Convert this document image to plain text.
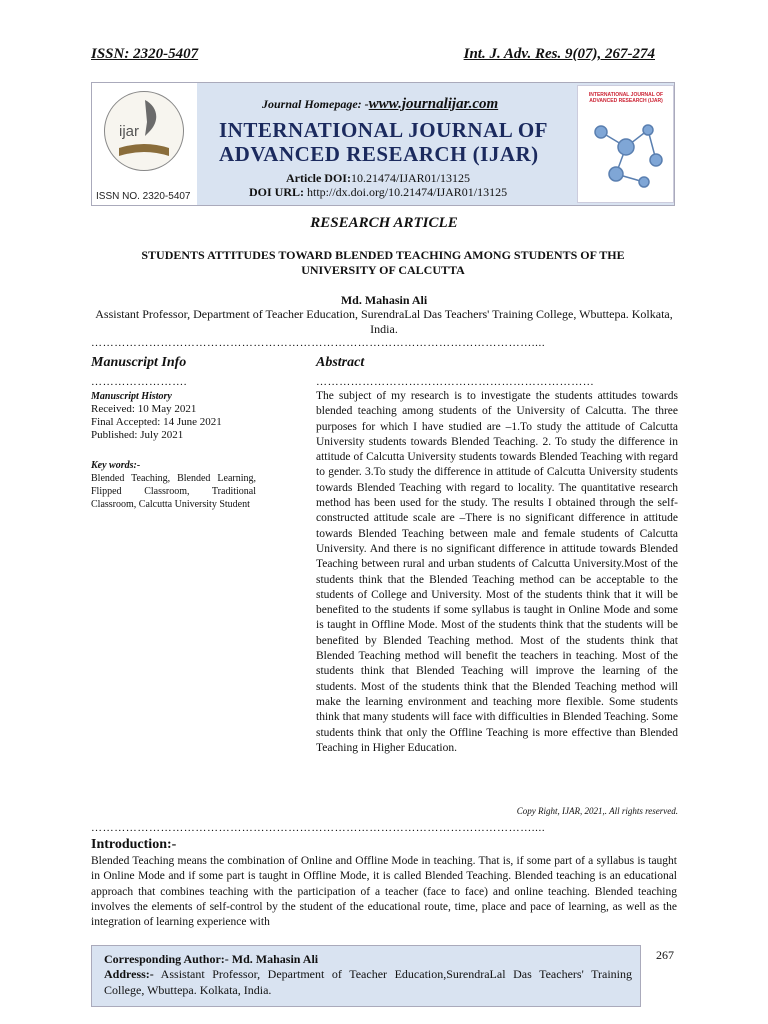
ISSN: 2320-5407	Int. J. Adv. Res. 9(07), 267-274
ijar
ISSN NO. 2320-5407
Journal Homepage: -www.journalijar.com
INTERNATIONAL JOURNAL OF ADVANCED RESEARCH (IJAR)
Article DOI:10.21474/IJAR01/13125
DOI URL: http://dx.doi.org/10.21474/IJAR01/13125
INTERNATIONAL JOURNAL OF ADVANCED RESEARCH (IJAR)
RESEARCH ARTICLE
STUDENTS ATTITUDES TOWARD BLENDED TEACHING AMONG STUDENTS OF THE UNIVERSITY OF CALCUTTA
Md. Mahasin Ali
Assistant Professor, Department of Teacher Education, SurendraLal Das Teachers' Training College, Wbuttepa. Kolkata, India.
……………………………………………………………………………………………………....
Manuscript Info	Abstract
…………………….	………………………………………………………………
Manuscript History
Received: 10 May 2021
Final Accepted: 14 June 2021
Published: July 2021
Key words:-
Blended Teaching, Blended Learning, Flipped Classroom, Traditional Classroom, Calcutta University Student
The subject of my research is to investigate the students attitudes towards blended teaching among students of the University of Calcutta. The three purposes for which I have studied are –1.To study the attitude of Calcutta University students towards Blended Teaching. 2. To study the difference in attitude of Calcutta University students towards Blended Teaching with regard to gender. 3.To study the difference in attitude of Calcutta University students towards Blended Teaching with regard to locality. The quantitative research method has been used for the study. The results I obtained through the self- constructed attitude scale are –There is no significant difference in attitude towards Blended Teaching between male and female students of Calcutta University. And there is no significant difference in attitude towards Blended Teaching between rural and urban students of Calcutta University.Most of the students think that the Blended Teaching method can be acceptable to the students of College and University. Most of the students think that it will be benefited to the students if some syllabus is taught in Online Mode and some is taught in Offline Mode. Most of the students think that the students will be benefited by Blended Teaching method. Most of the students think that Blended Teaching method will benefit the teachers in teaching. Most of the students think that Blended Teaching will improve the learning of the students. Most of the students think that the Blended Teaching method will make the learning environment and teaching more flexible. Some students think that many students will face with difficulties in Blended Teaching. Some students think that only the Offline Teaching is more effective than Blended Teaching in Higher Education.
Copy Right, IJAR, 2021,. All rights reserved.
……………………………………………………………………………………………………....
Introduction:-
Blended Teaching means the combination of Online and Offline Mode in teaching. That is, if some part of a syllabus is taught in Online Mode and if some part is taught in Offline Mode, it is called Blended Teaching. Blended teaching is an educational approach that combines teaching with the participation of a teacher (face to face) and online teaching. Blended teaching involves the elements of self-control by the student of the educational route, time, place and pace of learning, as well as the integration of learning experience with
Corresponding Author:- Md. Mahasin Ali
Address:- Assistant Professor, Department of Teacher Education,SurendraLal Das Teachers' Training College, Wbuttepa. Kolkata, India.
267
